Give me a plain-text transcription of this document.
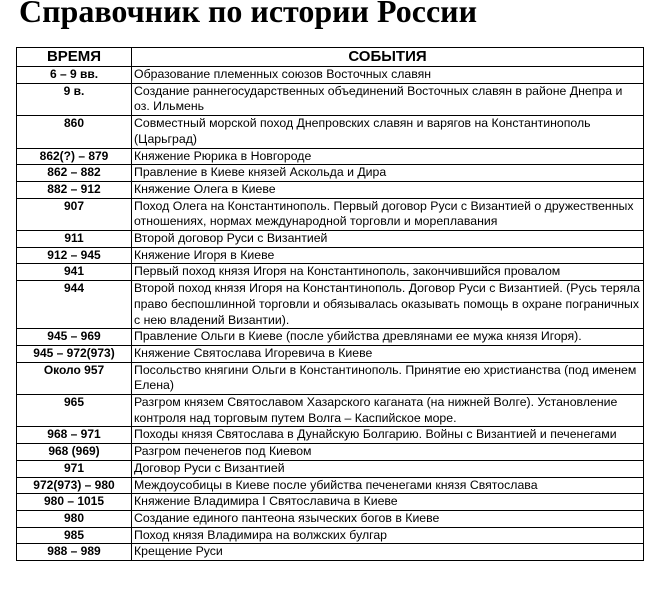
Справочник по истории России
ВРЕМЯ	СОБЫТИЯ
6 – 9 вв.	Образование племенных союзов Восточных славян
9 в.	Создание раннегосударственных объединений Восточных славян в районе Днепра и оз. Ильмень
860	Совместный морской поход Днепровских славян и варягов на Константинополь (Царьград)
862(?) – 879	Княжение Рюрика в Новгороде
862 – 882	Правление в Киеве князей Аскольда и Дира
882 – 912	Княжение Олега в Киеве
907	Поход Олега на Константинополь. Первый договор Руси с Византией о дружественных отношениях, нормах международной торговли и мореплавания
911	Второй договор Руси с Византией
912 – 945	Княжение Игоря в Киеве
941	Первый поход князя Игоря на Константинополь, закончившийся провалом
944	Второй поход князя Игоря на Константинополь. Договор Руси с Византией. (Русь теряла право беспошлинной торговли и обязывалась оказывать помощь в охране пограничных с нею владений Византии).
945 – 969	Правление Ольги в Киеве (после убийства древлянами ее мужа князя Игоря).
945 – 972(973)	Княжение Святослава Игоревича в Киеве
Около 957	Посольство княгини Ольги в Константинополь. Принятие ею христианства (под именем Елена)
965	Разгром князем Святославом Хазарского каганата (на нижней Волге). Установление контроля над торговым путем Волга – Каспийское море.
968 – 971	Походы князя Святослава в Дунайскую Болгарию. Войны с Византией и печенегами
968 (969)	Разгром печенегов под Киевом
971	Договор Руси с Византией
972(973) – 980	Междоусобицы в Киеве после убийства печенегами князя Святослава
980 – 1015	Княжение Владимира I Святославича в Киеве
980	Создание единого пантеона языческих богов в Киеве
985	Поход князя Владимира на волжских булгар
988 – 989	Крещение Руси
